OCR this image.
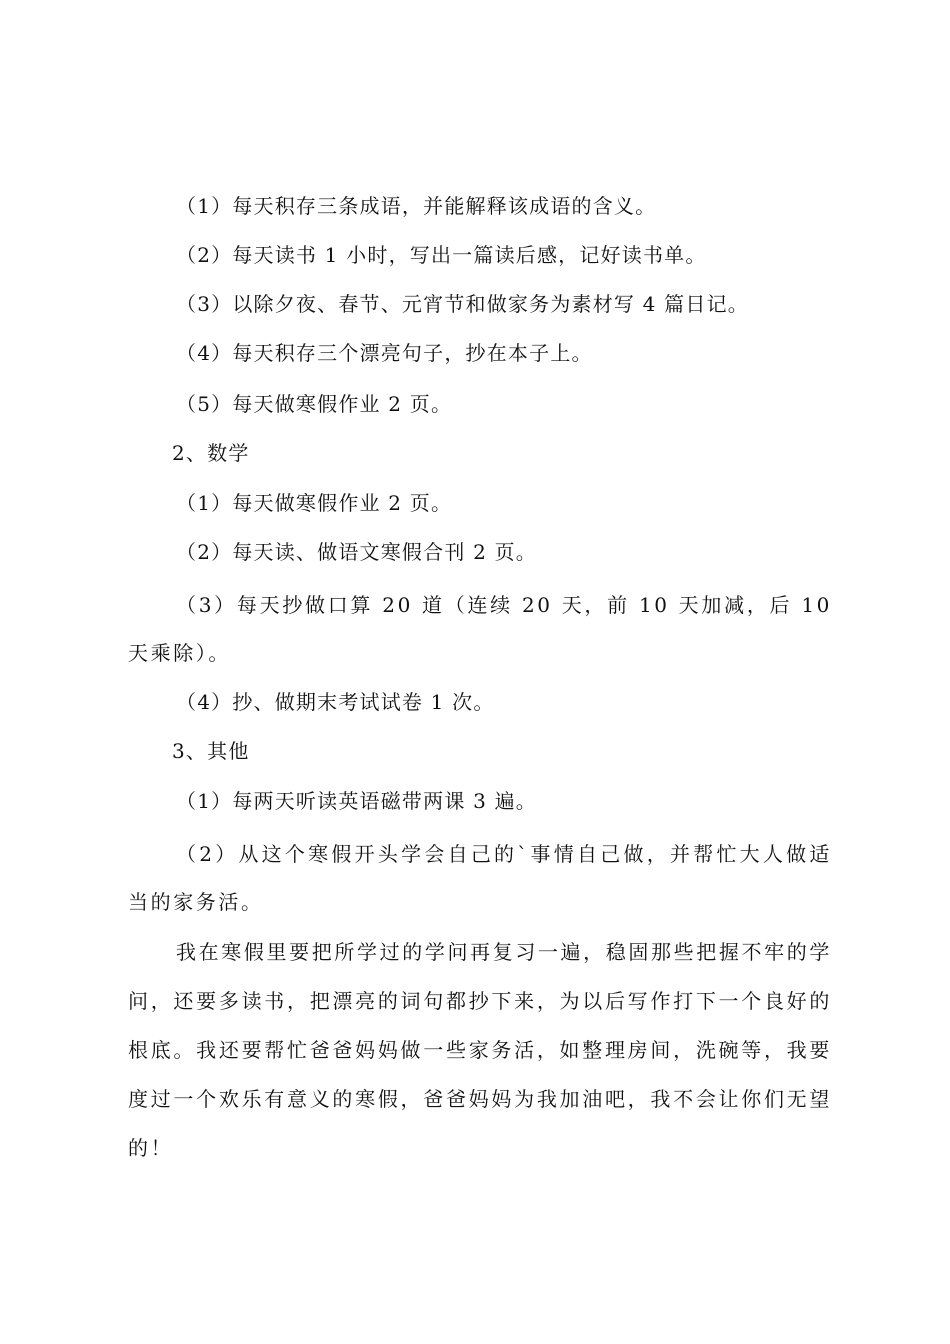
（1）每天积存三条成语，并能解释该成语的含义。
（2）每天读书 1 小时，写出一篇读后感，记好读书单。
（3）以除夕夜、春节、元宵节和做家务为素材写 4 篇日记。
（4）每天积存三个漂亮句子，抄在本子上。
（5）每天做寒假作业 2 页。
2、数学
（1）每天做寒假作业 2 页。
（2）每天读、做语文寒假合刊 2 页。
（3）每天抄做口算 20 道（连续 20 天，前 10 天加减，后 10 天乘除）。
（4）抄、做期末考试试卷 1 次。
3、其他
（1）每两天听读英语磁带两课 3 遍。
（2）从这个寒假开头学会自己的`事情自己做，并帮忙大人做适当的家务活。
我在寒假里要把所学过的学问再复习一遍，稳固那些把握不牢的学问，还要多读书，把漂亮的词句都抄下来，为以后写作打下一个良好的根底。我还要帮忙爸爸妈妈做一些家务活，如整理房间，洗碗等，我要度过一个欢乐有意义的寒假，爸爸妈妈为我加油吧，我不会让你们无望的！
